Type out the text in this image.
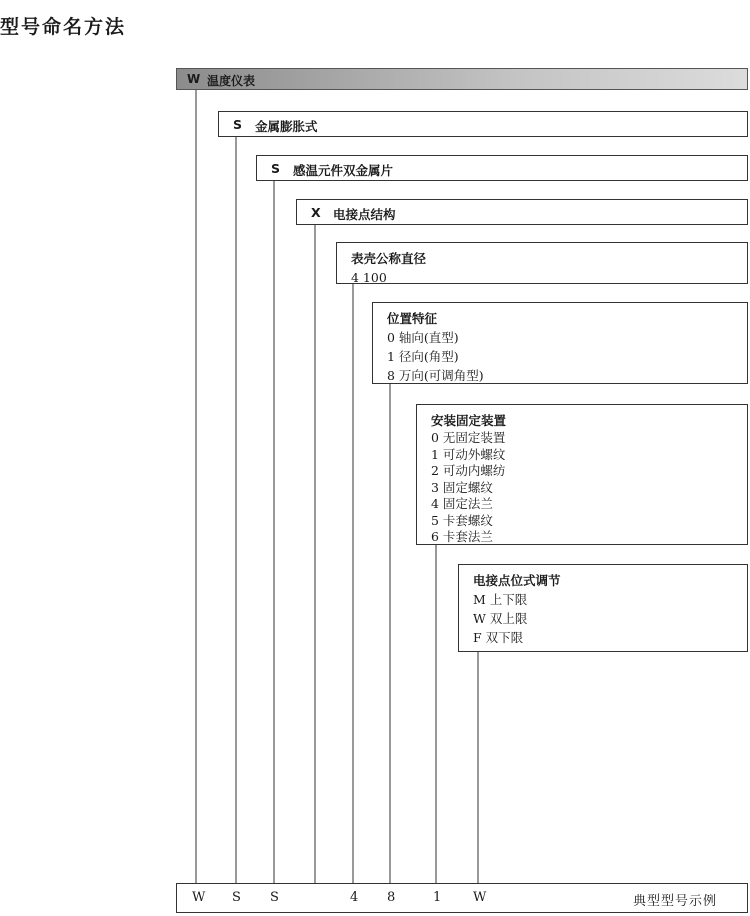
型号命名方法
W 温度仪表
S 金属膨胀式
S 感温元件双金属片
X 电接点结构
表壳公称直径
4 100
位置特征
0 轴向(直型)
1 径向(角型)
8 万向(可调角型)
安装固定装置
0 无固定装置
1 可动外螺纹
2 可动内螺纺
3 固定螺纹
4 固定法兰
5 卡套螺纹
6 卡套法兰
电接点位式调节
M 上下限
W 双上限
F 双下限
W S S	4 8	1 W	典型型号示例
